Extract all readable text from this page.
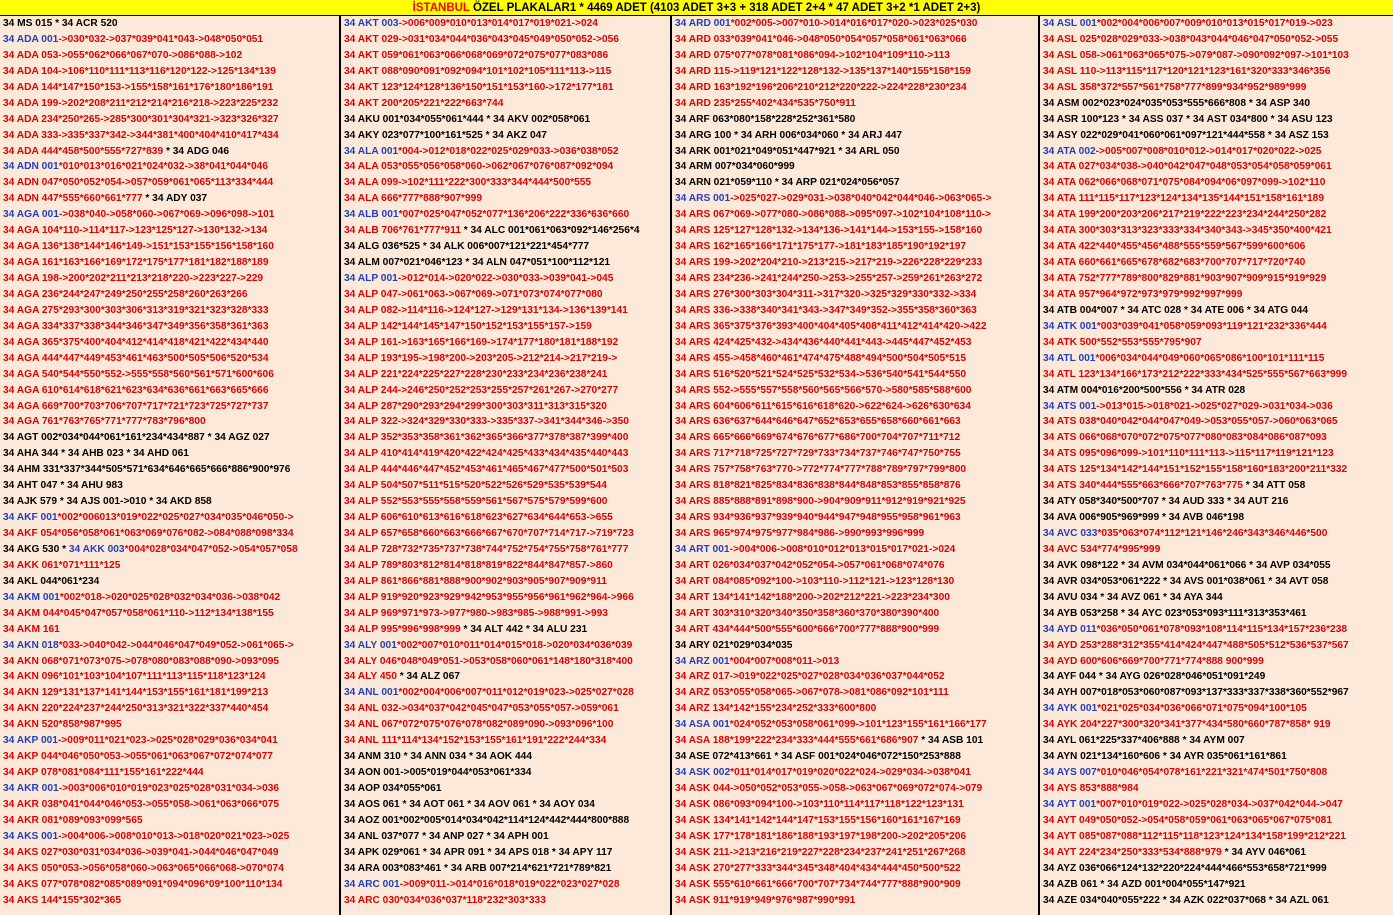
İSTANBUL ÖZEL PLAKALAR1 * 4469 ADET (4103 ADET 3+3 + 318 ADET 2+4 * 47 ADET 3+2 *1 ADET 2+3)
34 MS 015 * 34 ACR 520
34 ADA 001->030*032->037*039*041*043->048*050*051
34 ADA 053->055*062*066*067*070->086*088->102
34 ADA 104->106*110*111*113*116*120*122->125*134*139
34 ADA 144*147*150*153->155*158*161*176*180*186*191
34 ADA 199->202*208*211*212*214*216*218->223*225*232
34 ADA 234*250*265->285*300*301*304*321->323*326*327
34 ADA 333->335*337*342->344*381*400*404*410*417*434
34 ADA 444*458*500*555*727*839 * 34 ADG 046
34 ADN 001*010*013*016*021*024*032->38*041*044*046
34 ADN 047*050*052*054->057*059*061*065*113*334*444
34 ADN 447*555*660*661*777 * 34 ADY 037
34 AGA 001->038*040->058*060->067*069->096*098->101
34 AGA 104*110->114*117->123*125*127->130*132->134
34 AGA 136*138*144*146*149->151*153*155*156*158*160
34 AGA 161*163*166*169*172*175*177*181*182*188*189
34 AGA 198->200*202*211*213*218*220->223*227->229
34 AGA 236*244*247*249*250*255*258*260*263*266
34 AGA 275*293*300*303*306*313*319*321*323*328*333
34 AGA 334*337*338*344*346*347*349*356*358*361*363
34 AGA 365*375*400*404*412*414*418*421*422*434*440
34 AGA 444*447*449*453*461*463*500*505*506*520*534
34 AGA 540*544*550*552->555*558*560*561*571*600*606
34 AGA 610*614*618*621*623*634*636*661*663*665*666
34 AGA 669*700*703*706*707*717*721*723*725*727*737
34 AGA 761*763*765*771*777*783*796*800
34 AGT 002*034*044*061*161*234*434*887 * 34 AGZ 027
34 AHA 344 * 34 AHB 023 * 34 AHD 061
34 AHM 331*337*344*505*571*634*646*665*666*886*900*976
34 AHT 047 * 34 AHU 983
34 AJK 579 * 34 AJS 001->010 * 34 AKD 858
34 AKF 001*002*006013*019*022*025*027*034*035*046*050->
34 AKF 054*056*058*061*063*069*076*082->084*088*098*334
34 AKG 530 * 34 AKK 003*004*028*034*047*052->054*057*058
34 AKK 061*071*111*125
34 AKL 044*061*234
34 AKM 001*002*018->020*025*028*032*034*036->038*042
34 AKM 044*045*047*057*058*061*110->112*134*138*155
34 AKM 161
34 AKN 018*033->040*042->044*046*047*049*052->061*065->
34 AKN 068*071*073*075->078*080*083*088*090->093*095
34 AKN 096*101*103*104*107*111*113*115*118*123*124
34 AKN 129*131*137*141*144*153*155*161*181*199*213
34 AKN 220*224*237*244*250*313*321*322*337*440*454
34 AKN 520*858*987*995
34 AKP 001->009*011*021*023->025*028*029*036*034*041
34 AKP 044*046*050*053->055*061*063*067*072*074*077
34 AKP 078*081*084*111*155*161*222*444
34 AKR 001->003*006*010*019*023*025*028*031*034->036
34 AKR 038*041*044*046*053->055*058->061*063*066*075
34 AKR 081*089*093*099*565
34 AKS 001->004*006->008*010*013->018*020*021*023->025
34 AKS 027*030*031*034*036->039*041->044*046*047*049
34 AKS 050*053->056*058*060->063*065*066*068->070*074
34 AKS 077*078*082*085*089*091*094*096*09*100*110*134
34 AKS 144*155*302*365
34 AKT 003->006*009*010*013*014*017*019*021->024
34 AKT 029->031*034*044*036*043*045*049*050*052->056
34 AKT 059*061*063*066*068*069*072*075*077*083*086
34 AKT 088*090*091*092*094*101*102*105*111*113->115
34 AKT 123*124*128*136*150*151*153*160->172*177*181
34 AKT 200*205*221*222*663*744
34 AKU 001*034*055*061*444 * 34 AKV 002*058*061
34 AKY 023*077*100*161*525 * 34 AKZ 047
34 ALA 001*004->012*018*022*025*029*033->036*038*052
34 ALA 053*055*056*058*060->062*067*076*087*092*094
34 ALA 099->102*111*222*300*333*344*444*500*555
34 ALA 666*777*888*907*999
34 ALB 001*007*025*047*052*077*136*206*222*336*636*660
34 ALB 706*761*777*911 * 34 ALC 001*061*063*092*146*256*4
34 ALG 036*525 * 34 ALK 006*007*121*221*454*777
34 ALM 007*021*046*123 * 34 ALN 047*051*100*112*121
34 ALP 001->012*014->020*022->030*033->039*041->045
34 ALP 047->061*063->067*069->071*073*074*077*080
34 ALP 082->114*116->124*127->129*131*134->136*139*141
34 ALP 142*144*145*147*150*152*153*155*157->159
34 ALP 161->163*165*166*169->174*177*180*181*188*192
34 ALP 193*195->198*200->203*205->212*214->217*219->
34 ALP 221*224*225*227*228*230*233*234*236*238*241
34 ALP 244->246*250*252*253*255*257*261*267->270*277
34 ALP 287*290*293*294*299*300*303*311*313*315*320
34 ALP 322->324*329*330*333->335*337->341*344*346->350
34 ALP 352*353*358*361*362*365*366*377*378*387*399*400
34 ALP 410*414*419*420*422*424*425*433*434*435*440*443
34 ALP 444*446*447*452*453*461*465*467*477*500*501*503
34 ALP 504*507*511*515*520*522*526*529*535*539*544
34 ALP 552*553*555*558*559*561*567*575*579*599*600
34 ALP 606*610*613*616*618*623*627*634*644*653->655
34 ALP 657*658*660*663*666*667*670*707*714*717->719*723
34 ALP 728*732*735*737*738*744*752*754*755*758*761*777
34 ALP 789*803*812*814*818*819*822*844*847*857->860
34 ALP 861*866*881*888*900*902*903*905*907*909*911
34 ALP 919*920*923*929*942*953*955*956*961*962*964->966
34 ALP 969*971*973->977*980->983*985->988*991->993
34 ALP 995*996*998*999 * 34 ALT 442 * 34 ALU 231
34 ALY 001*002*007*010*011*014*015*018->020*034*036*039
34 ALY 046*048*049*051->053*058*060*061*148*180*318*400
34 ALY 450 * 34 ALZ 067
34 ANL 001*002*004*006*007*011*012*019*023->025*027*028
34 ANL 032->034*037*042*045*047*053*055*057->059*061
34 ANL 067*072*075*076*078*082*089*090->093*096*100
34 ANL 111*114*134*152*153*155*161*191*222*244*334
34 ANM 310 * 34 ANN 034 * 34 AOK 444
34 AON 001->005*019*044*053*061*334
34 AOP 034*055*061
34 AOS 061 * 34 AOT 061 * 34 AOV 061 * 34 AOY 034
34 AOZ 001*002*005*014*034*042*114*124*442*444*800*888
34 ANL 037*077 * 34 ANP 027 * 34 APH 001
34 APK 029*061 * 34 APR 091 * 34 APS 018 * 34 APY 117
34 ARA 003*083*461 * 34 ARB 007*214*621*721*789*821
34 ARC 001->009*011->014*016*018*019*022*023*027*028
34 ARC 030*034*036*037*118*232*303*333
34 ARD 001*002*005->007*010->014*016*017*020->023*025*030
34 ARD 033*039*041*046->048*050*054*057*058*061*063*066
34 ARD 075*077*078*081*086*094->102*104*109*110->113
34 ARD 115->119*121*122*128*132->135*137*140*155*158*159
34 ARD 163*192*196*206*210*212*220*222->224*228*230*234
34 ARD 235*255*402*434*535*750*911
34 ARF 063*080*158*228*252*361*580
34 ARG 100 * 34 ARH 006*034*060 * 34 ARJ 447
34 ARK 001*021*049*051*447*921 * 34 ARL 050
34 ARM 007*034*060*999
34 ARN 021*059*110 * 34 ARP 021*024*056*057
34 ARS 001->025*027->029*031->038*040*042*044*046->063*065->
34 ARS 067*069->077*080->086*088->095*097->102*104*108*110->
34 ARS 125*127*128*132->134*136->141*144->153*155->158*160
34 ARS 162*165*166*171*175*177->181*183*185*190*192*197
34 ARS 199->202*204*210->213*215->217*219->226*228*229*233
34 ARS 234*236->241*244*250->253->255*257->259*261*263*272
34 ARS 276*300*303*304*311->317*320->325*329*330*332->334
34 ARS 336->338*340*341*343->347*349*352->355*358*360*363
34 ARS 365*375*376*393*400*404*405*408*411*412*414*420->422
34 ARS 424*425*432->434*436*440*441*443->445*447*452*453
34 ARS 455->458*460*461*474*475*488*494*500*504*505*515
34 ARS 516*520*521*524*525*532*534->536*540*541*544*550
34 ARS 552->555*557*558*560*565*566*570->580*585*588*600
34 ARS 604*606*611*615*616*618*620->622*624->626*630*634
34 ARS 636*637*644*646*647*652*653*655*658*660*661*663
34 ARS 665*666*669*674*676*677*686*700*704*707*711*712
34 ARS 717*718*725*727*729*733*734*737*746*747*750*755
34 ARS 757*758*763*770->772*774*777*788*789*797*799*800
34 ARS 818*821*825*834*836*838*844*848*853*855*858*876
34 ARS 885*888*891*898*900->904*909*911*912*919*921*925
34 ARS 934*936*937*939*940*944*947*948*955*958*961*963
34 ARS 965*974*975*977*984*986->990*993*996*999
34 ART 001->004*006->008*010*012*013*015*017*021->024
34 ART 026*034*037*042*052*054->057*061*068*074*076
34 ART 084*085*092*100->103*110->112*121->123*128*130
34 ART 134*141*142*188*200->202*212*221->223*234*300
34 ART 303*310*320*340*350*358*360*370*380*390*400
34 ART 434*444*500*555*600*666*700*777*888*900*999
34 ARY 021*029*034*035
34 ARZ 001*004*007*008*011->013
34 ARZ 017->019*022*025*027*028*034*036*037*044*052
34 ARZ 053*055*058*065->067*078->081*086*092*101*111
34 ARZ 134*142*155*234*252*333*600*800
34 ASA 001*024*052*053*058*061*099->101*123*155*161*166*177
34 ASA 188*199*222*234*333*444*555*661*686*907 * 34 ASB 101
34 ASE 072*413*661 * 34 ASF 001*024*046*072*150*253*888
34 ASK 002*011*014*017*019*020*022*024->029*034->038*041
34 ASK 044->050*052*053*055->058->063*067*069*072*074->079
34 ASK 086*093*094*100->103*110*114*117*118*122*123*131
34 ASK 134*141*142*144*147*153*155*156*160*161*167*169
34 ASK 177*178*181*186*188*193*197*198*200->202*205*206
34 ASK 211->213*216*219*227*228*234*237*241*251*267*268
34 ASK 270*277*333*344*345*348*404*434*444*450*500*522
34 ASK 555*610*661*666*700*707*734*744*777*888*900*909
34 ASK 911*919*949*976*987*990*991
34 ASL 001*002*004*006*007*009*010*013*015*017*019->023
34 ASL 025*028*029*033->038*043*044*046*047*050*052->055
34 ASL 058->061*063*065*075->079*087->090*092*097->101*103
34 ASL 110->113*115*117*120*121*123*161*320*333*346*356
34 ASL 358*372*557*561*758*777*899*934*952*989*999
34 ASM 002*023*024*035*053*555*666*808 * 34 ASP 340
34 ASR 100*123 * 34 ASS 037 * 34 AST 034*800 * 34 ASU 123
34 ASY 022*029*041*060*061*097*121*444*558 * 34 ASZ 153
34 ATA 002->005*007*008*010*012->014*017*020*022->025
34 ATA 027*034*038->040*042*047*048*053*054*058*059*061
34 ATA 062*066*068*071*075*084*094*06*097*099->102*110
34 ATA 111*115*117*123*124*134*135*144*151*158*161*189
34 ATA 199*200*203*206*217*219*222*223*234*244*250*282
34 ATA 300*303*313*323*333*334*340*343->345*350*400*421
34 ATA 422*440*455*456*488*555*559*567*599*600*606
34 ATA 660*661*665*678*682*683*700*707*717*720*740
34 ATA 752*777*789*800*829*881*903*907*909*915*919*929
34 ATA 957*964*972*973*979*992*997*999
34 ATB 004*007 * 34 ATC 028 * 34 ATE 006 * 34 ATG 044
34 ATK 001*003*039*041*058*059*093*119*121*232*336*444
34 ATK 500*552*553*555*795*907
34 ATL 001*006*034*044*049*060*065*086*100*101*111*115
34 ATL 123*134*166*173*212*222*333*434*525*555*567*663*999
34 ATM 004*016*200*500*556 * 34 ATR 028
34 ATS 001->013*015->018*021->025*027*029->031*034->036
34 ATS 038*040*042*044*047*049->053*055*057->060*063*065
34 ATS 066*068*070*072*075*077*080*083*084*086*087*093
34 ATS 095*096*099->101*110*111*113->115*117*119*121*123
34 ATS 125*134*142*144*151*152*155*158*160*183*200*211*332
34 ATS 340*444*555*663*666*707*763*775 * 34 ATT 058
34 ATY 058*340*500*707 * 34 AUD 333 * 34 AUT 216
34 AVA 006*905*969*999 * 34 AVB 046*198
34 AVC 033*035*063*074*112*121*146*246*343*346*446*500
34 AVC 534*774*995*999
34 AVK 098*122 * 34 AVM 034*044*061*066 * 34 AVP 034*055
34 AVR 034*053*061*222 * 34 AVS 001*038*061 * 34 AVT 058
34 AVU 034 * 34 AVZ 061 * 34 AYA 344
34 AYB 053*258 * 34 AYC 023*053*093*111*313*353*461
34 AYD 011*036*050*061*078*093*108*114*115*134*157*236*238
34 AYD 253*288*312*355*414*424*447*488*505*512*536*537*567
34 AYD 600*606*669*700*771*774*888 900*999
34 AYF 044 * 34 AYG 026*028*046*051*091*249
34 AYH 007*018*053*060*087*093*137*333*337*338*360*552*967
34 AYK 001*021*025*034*036*066*071*075*094*100*105
34 AYK 204*227*300*320*341*377*434*580*660*787*858* 919
34 AYL 061*225*337*406*888 * 34 AYM 007
34 AYN 021*134*160*606 * 34 AYR 035*061*161*861
34 AYS 007*010*046*054*078*161*221*321*474*501*750*808
34 AYS 853*888*984
34 AYT 001*007*010*019*022->025*028*034->037*042*044->047
34 AYT 049*050*052->054*058*059*061*063*065*067*075*081
34 AYT 085*087*088*112*115*118*123*124*134*158*199*212*221
34 AYT 224*234*250*333*534*888*979 * 34 AYV 046*061
34 AYZ 036*066*124*132*220*224*444*466*553*658*721*999
34 AZB 061 * 34 AZD 001*004*055*147*921
34 AZE 034*040*055*222 * 34 AZK 022*037*068 * 34 AZL 061
